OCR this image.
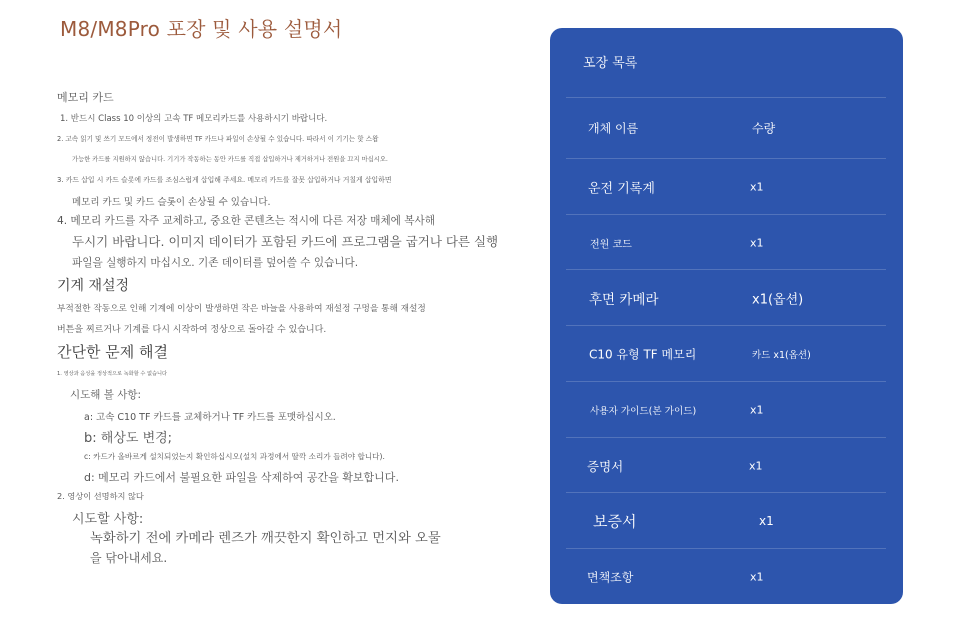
M8/M8Pro 포장 및 사용 설명서
메모리 카드
1. 반드시 Class 10 이상의 고속 TF 메모리카드를 사용하시기 바랍니다.
2. 고속 읽기 및 쓰기 모드에서 정전이 발생하면 TF 카드나 파일이 손상될 수 있습니다. 따라서 이 기기는 핫 스왑
가능한 카드를 지원하지 않습니다. 기기가 작동하는 동안 카드를 직접 삽입하거나 제거하거나 전원을 끄지 마십시오.
3. 카드 삽입 시 카드 슬롯에 카드를 조심스럽게 삽입해 주세요. 메모리 카드를 잘못 삽입하거나 거칠게 삽입하면
메모리 카드 및 카드 슬롯이 손상될 수 있습니다.
4. 메모리 카드를 자주 교체하고, 중요한 콘텐츠는 적시에 다른 저장 매체에 복사해
두시기 바랍니다. 이미지 데이터가 포함된 카드에 프로그램을 굽거나 다른 실행
파일을 실행하지 마십시오. 기존 데이터를 덮어쓸 수 있습니다.
기계 재설정
부적절한 작동으로 인해 기계에 이상이 발생하면 작은 바늘을 사용하여 재설정 구멍을 통해 재설정
버튼을 찌르거나 기계를 다시 시작하여 정상으로 돌아갈 수 있습니다.
간단한 문제 해결
1. 영상과 음성을 정상적으로 녹화할 수 없습니다
시도해 볼 사항:
a: 고속 C10 TF 카드를 교체하거나 TF 카드를 포맷하십시오.
b: 해상도 변경;
c: 카드가 올바르게 설치되었는지 확인하십시오(설치 과정에서 딸깍 소리가 들려야 합니다).
d: 메모리 카드에서 불필요한 파일을 삭제하여 공간을 확보합니다.
2. 영상이 선명하지 않다
시도할 사항:
녹화하기 전에 카메라 렌즈가 깨끗한지 확인하고 먼지와 오물
을 닦아내세요.
포장 목록
개체 이름	수량
운전 기록계	x1
전원 코드	x1
후면 카메라	x1(옵션)
C10 유형 TF 메모리	카드 x1(옵션)
사용자 가이드(본 가이드)	x1
증명서	x1
보증서	x1
면책조항	x1
